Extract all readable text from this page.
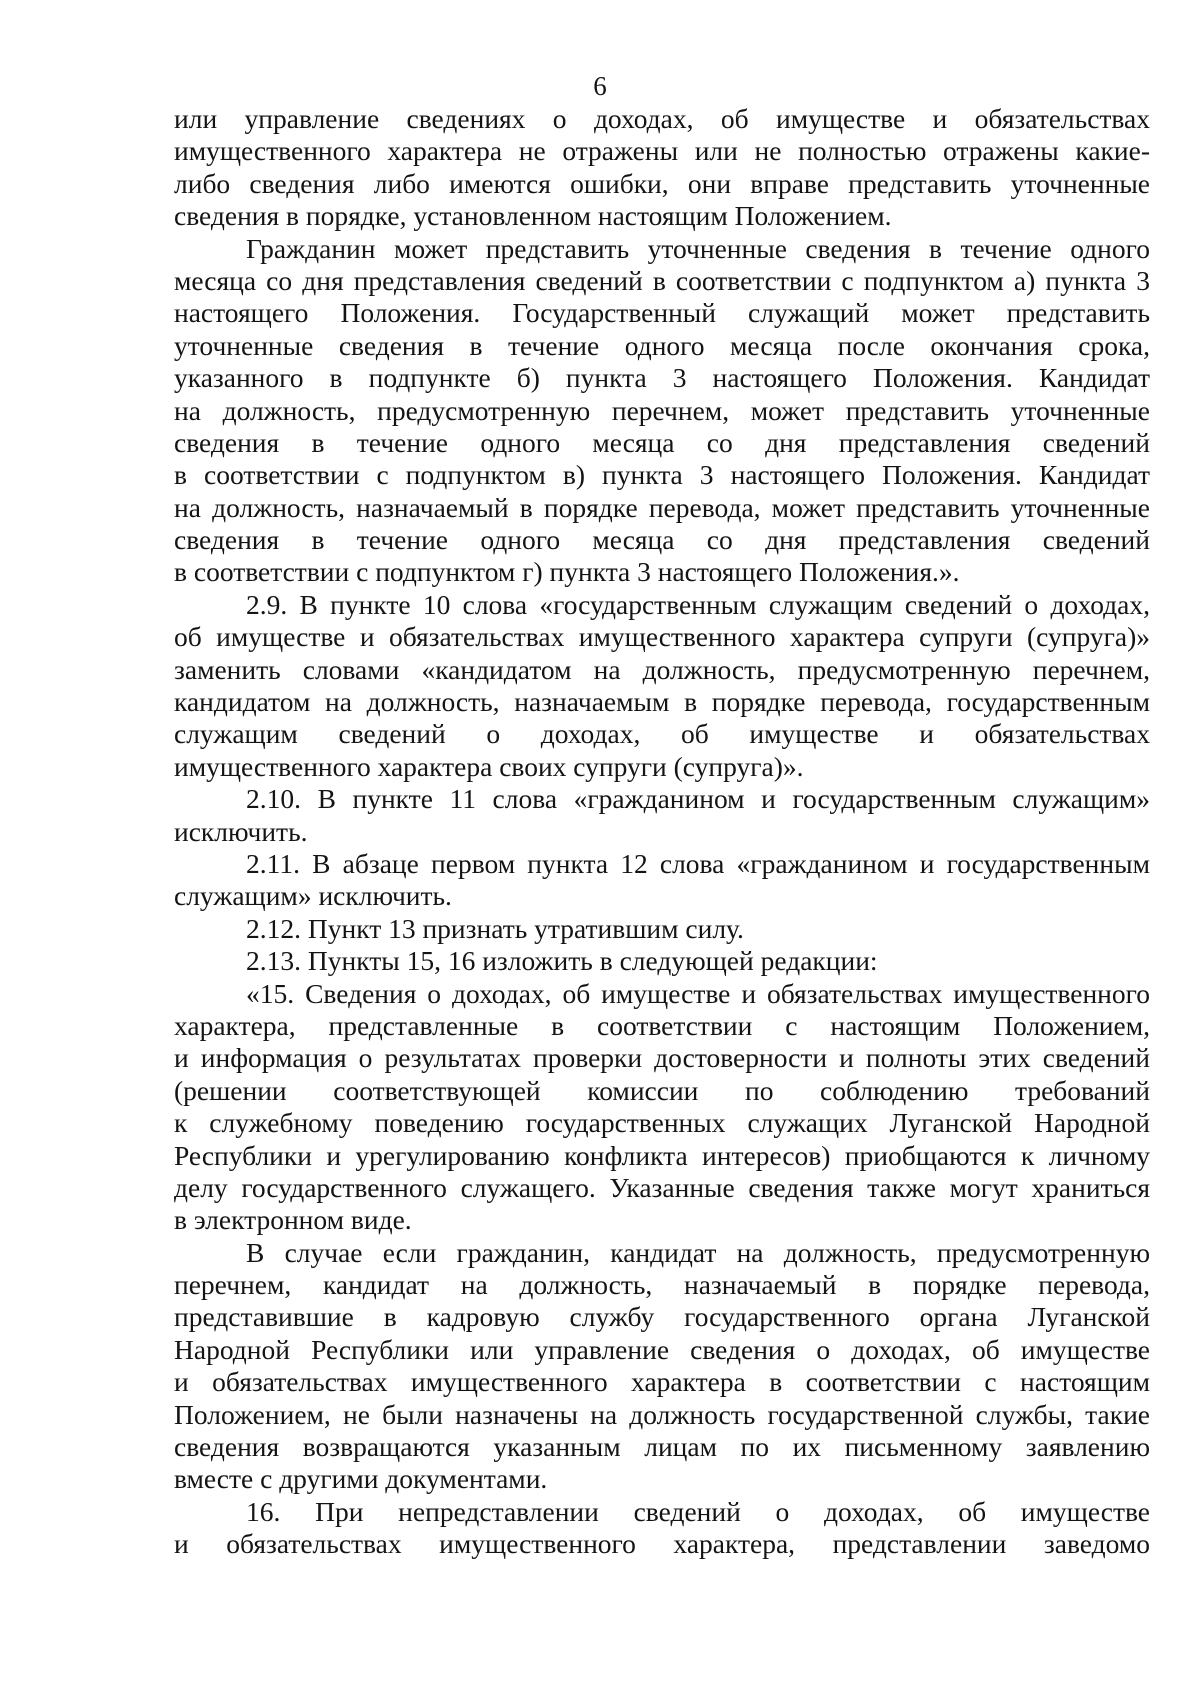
6
или управление сведениях о доходах, об имуществе и обязательствах
имущественного характера не отражены или не полностью отражены какие-
либо сведения либо имеются ошибки, они вправе представить уточненные
сведения в порядке, установленном настоящим Положением.
Гражданин может представить уточненные сведения в течение одного
месяца со дня представления сведений в соответствии с подпунктом а) пункта 3
настоящего Положения. Государственный служащий может представить
уточненные сведения в течение одного месяца после окончания срока,
указанного в подпункте б) пункта 3 настоящего Положения. Кандидат
на должность, предусмотренную перечнем, может представить уточненные
сведения в течение одного месяца со дня представления сведений
в соответствии с подпунктом в) пункта 3 настоящего Положения. Кандидат
на должность, назначаемый в порядке перевода, может представить уточненные
сведения в течение одного месяца со дня представления сведений
в соответствии с подпунктом г) пункта 3 настоящего Положения.».
2.9. В пункте 10 слова «государственным служащим сведений о доходах,
об имуществе и обязательствах имущественного характера супруги (супруга)»
заменить словами «кандидатом на должность, предусмотренную перечнем,
кандидатом на должность, назначаемым в порядке перевода, государственным
служащим сведений о доходах, об имуществе и обязательствах
имущественного характера своих супруги (супруга)».
2.10. В пункте 11 слова «гражданином и государственным служащим»
исключить.
2.11. В абзаце первом пункта 12 слова «гражданином и государственным
служащим» исключить.
2.12. Пункт 13 признать утратившим силу.
2.13. Пункты 15, 16 изложить в следующей редакции:
«15. Сведения о доходах, об имуществе и обязательствах имущественного
характера, представленные в соответствии с настоящим Положением,
и информация о результатах проверки достоверности и полноты этих сведений
(решении соответствующей комиссии по соблюдению требований
к служебному поведению государственных служащих Луганской Народной
Республики и урегулированию конфликта интересов) приобщаются к личному
делу государственного служащего. Указанные сведения также могут храниться
в электронном виде.
В случае если гражданин, кандидат на должность, предусмотренную
перечнем, кандидат на должность, назначаемый в порядке перевода,
представившие в кадровую службу государственного органа Луганской
Народной Республики или управление сведения о доходах, об имуществе
и обязательствах имущественного характера в соответствии с настоящим
Положением, не были назначены на должность государственной службы, такие
сведения возвращаются указанным лицам по их письменному заявлению
вместе с другими документами.
16. При непредставлении сведений о доходах, об имуществе
и обязательствах имущественного характера, представлении заведомо
